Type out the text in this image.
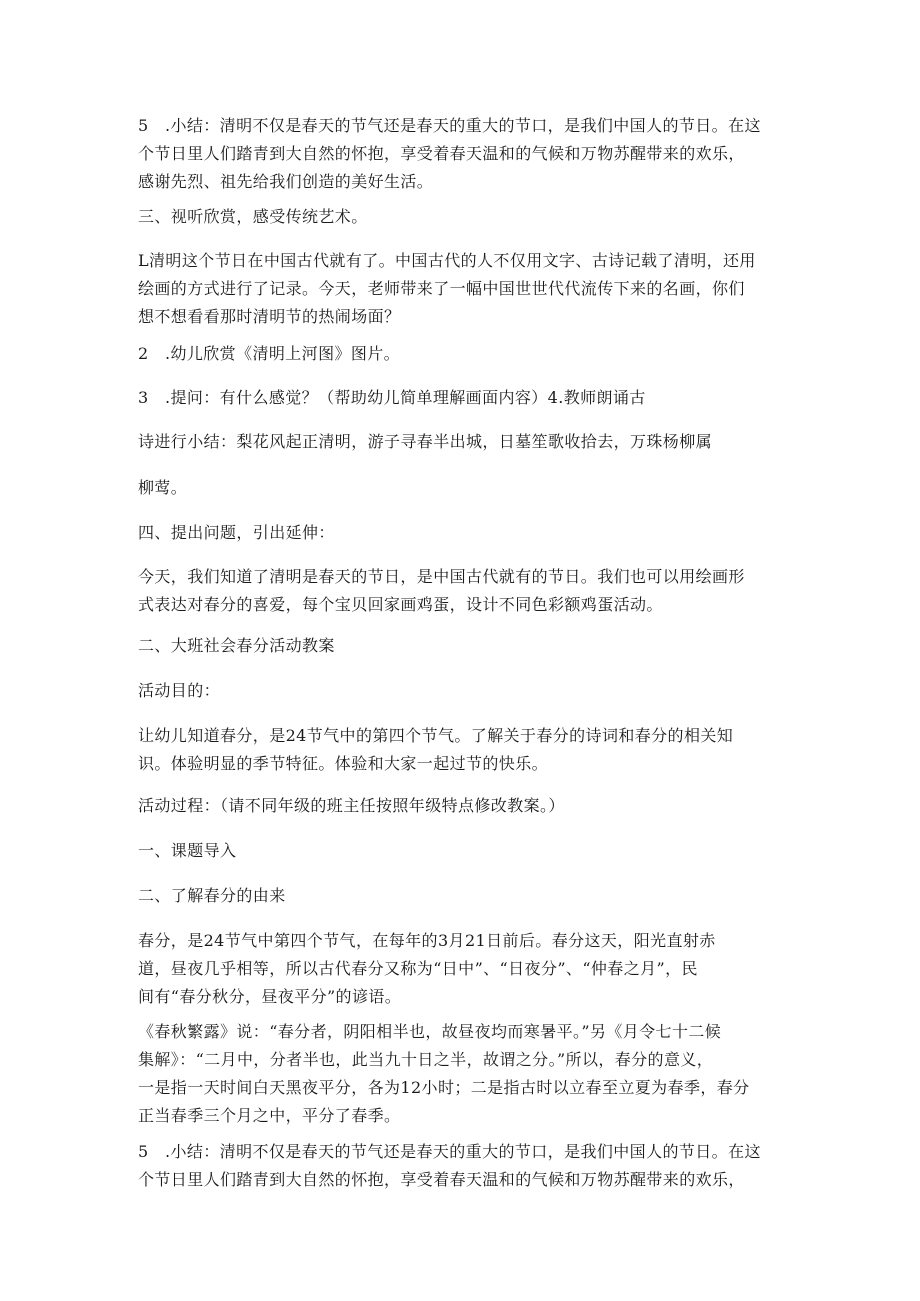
5　.小结：清明不仅是春天的节气还是春天的重大的节口，是我们中国人的节日。在这
个节日里人们踏青到大自然的怀抱，享受着春天温和的气候和万物苏醒带来的欢乐，
感谢先烈、祖先给我们创造的美好生活。

三、视听欣赏，感受传统艺术。

L清明这个节日在中国古代就有了。中国古代的人不仅用文字、古诗记载了清明，还用
绘画的方式进行了记录。今天，老师带来了一幅中国世世代代流传下来的名画，你们
想不想看看那时清明节的热闹场面？

2　.幼儿欣赏《清明上河图》图片。

3　.提问：有什么感觉？（帮助幼儿简单理解画面内容）4.教师朗诵古

诗进行小结：梨花风起正清明，游子寻春半出城，日墓笙歌收拾去，万珠杨柳属

柳莺。

四、提出问题，引出延伸：

今天，我们知道了清明是春天的节日，是中国古代就有的节日。我们也可以用绘画形
式表达对春分的喜爱，每个宝贝回家画鸡蛋，设计不同色彩额鸡蛋活动。

二、大班社会春分活动教案

活动目的：

让幼儿知道春分，是24节气中的第四个节气。了解关于春分的诗词和春分的相关知
识。体验明显的季节特征。体验和大家一起过节的快乐。

活动过程：（请不同年级的班主任按照年级特点修改教案。）

一、课题导入

二、了解春分的由来

春分，是24节气中第四个节气，在每年的3月21日前后。春分这天，阳光直射赤
道，昼夜几乎相等，所以古代春分又称为“日中”、“日夜分”、“仲春之月”，民
间有“春分秋分，昼夜平分”的谚语。

《春秋繁露》说：“春分者，阴阳相半也，故昼夜均而寒暑平。”另《月令七十二候
集解》：“二月中，分者半也，此当九十日之半，故谓之分。”所以，春分的意义，
一是指一天时间白天黑夜平分，各为12小时；二是指古时以立春至立夏为春季，春分
正当春季三个月之中，平分了春季。

5　.小结：清明不仅是春天的节气还是春天的重大的节口，是我们中国人的节日。在这
个节日里人们踏青到大自然的怀抱，享受着春天温和的气候和万物苏醒带来的欢乐，
